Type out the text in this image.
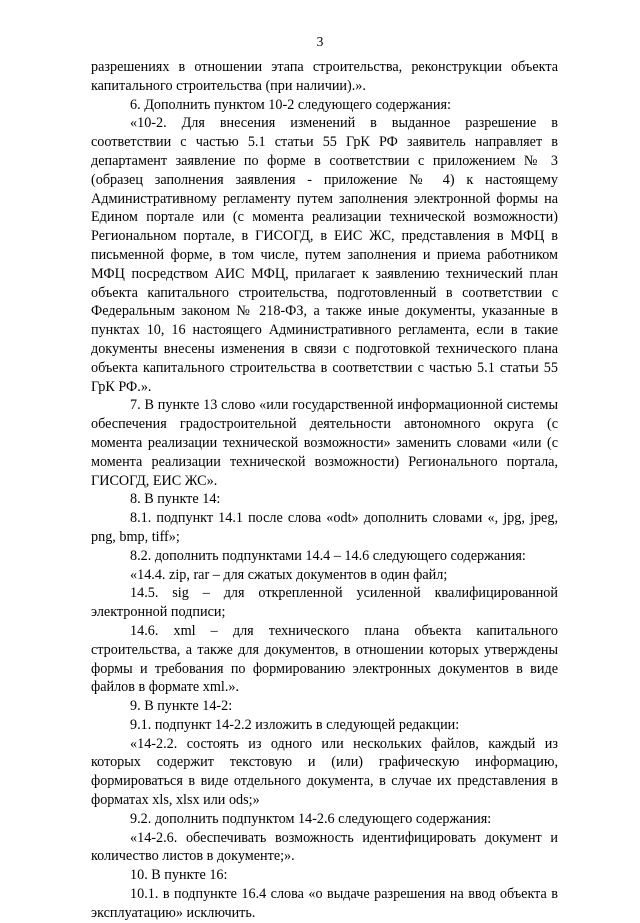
3

разрешениях в отношении этапа строительства, реконструкции объекта капитального строительства (при наличии).».

6. Дополнить пунктом 10-2 следующего содержания:

«10-2. Для внесения изменений в выданное разрешение в соответствии с частью 5.1 статьи 55 ГрК РФ заявитель направляет в департамент заявление по форме в соответствии с приложением № 3 (образец заполнения заявления - приложение № 4) к настоящему Административному регламенту путем заполнения электронной формы на Едином портале или (с момента реализации технической возможности) Региональном портале, в ГИСОГД, в ЕИС ЖС, представления в МФЦ в письменной форме, в том числе, путем заполнения и приема работником МФЦ посредством АИС МФЦ, прилагает к заявлению технический план объекта капитального строительства, подготовленный в соответствии с Федеральным законом № 218-ФЗ, а также иные документы, указанные в пунктах 10, 16 настоящего Административного регламента, если в такие документы внесены изменения в связи с подготовкой технического плана объекта капитального строительства в соответствии с частью 5.1 статьи 55 ГрК РФ.».

7. В пункте 13 слово «или государственной информационной системы обеспечения градостроительной деятельности автономного округа (с момента реализации технической возможности» заменить словами «или (с момента реализации технической возможности) Регионального портала, ГИСОГД, ЕИС ЖС».

8. В пункте 14:

8.1. подпункт 14.1 после слова «odt» дополнить словами «, jpg, jpeg, png, bmp, tiff»;

8.2. дополнить подпунктами 14.4 – 14.6 следующего содержания:

«14.4. zip, rar – для сжатых документов в один файл;

14.5. sig – для открепленной усиленной квалифицированной электронной подписи;

14.6. xml – для технического плана объекта капитального строительства, а также для документов, в отношении которых утверждены формы и требования по формированию электронных документов в виде файлов в формате xml.».

9. В пункте 14-2:

9.1. подпункт 14-2.2 изложить в следующей редакции:

«14-2.2. состоять из одного или нескольких файлов, каждый из которых содержит текстовую и (или) графическую информацию, формироваться в виде отдельного документа, в случае их представления в форматах xls, xlsx или ods;»

9.2. дополнить подпунктом 14-2.6 следующего содержания:

«14-2.6. обеспечивать возможность идентифицировать документ и количество листов в документе;».

10. В пункте 16:

10.1. в подпункте 16.4 слова «о выдаче разрешения на ввод объекта в эксплуатацию» исключить.
